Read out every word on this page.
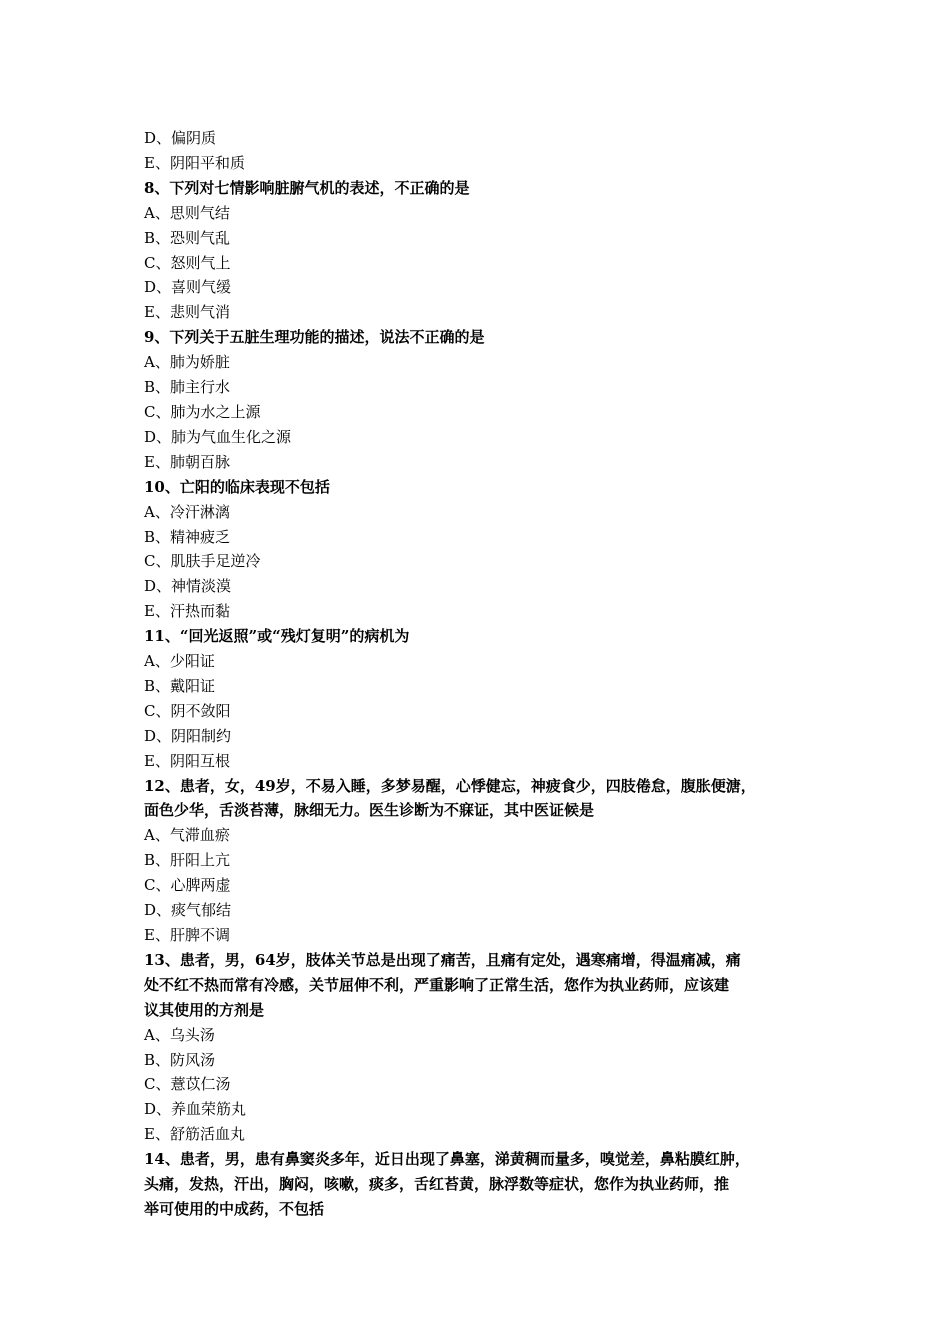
D、偏阴质
E、阴阳平和质
8、下列对七情影响脏腑气机的表述，不正确的是
A、思则气结
B、恐则气乱
C、怒则气上
D、喜则气缓
E、悲则气消
9、下列关于五脏生理功能的描述，说法不正确的是
A、肺为娇脏
B、肺主行水
C、肺为水之上源
D、肺为气血生化之源
E、肺朝百脉
10、亡阳的临床表现不包括
A、冷汗淋漓
B、精神疲乏
C、肌肤手足逆冷
D、神情淡漠
E、汗热而黏
11、“回光返照”或“残灯复明”的病机为
A、少阳证
B、戴阳证
C、阴不敛阳
D、阴阳制约
E、阴阳互根
12、患者，女，49岁，不易入睡，多梦易醒，心悸健忘，神疲食少，四肢倦怠，腹胀便溏，
面色少华，舌淡苔薄，脉细无力。医生诊断为不寐证，其中医证候是
A、气滞血瘀
B、肝阳上亢
C、心脾两虚
D、痰气郁结
E、肝脾不调
13、患者，男，64岁，肢体关节总是出现了痛苦，且痛有定处，遇寒痛增，得温痛减，痛
处不红不热而常有冷感，关节屈伸不利，严重影响了正常生活，您作为执业药师，应该建
议其使用的方剂是
A、乌头汤
B、防风汤
C、薏苡仁汤
D、养血荣筋丸
E、舒筋活血丸
14、患者，男，患有鼻窦炎多年，近日出现了鼻塞，涕黄稠而量多，嗅觉差，鼻粘膜红肿，
头痛，发热，汗出，胸闷，咳嗽，痰多，舌红苔黄，脉浮数等症状，您作为执业药师，推
举可使用的中成药，不包括
